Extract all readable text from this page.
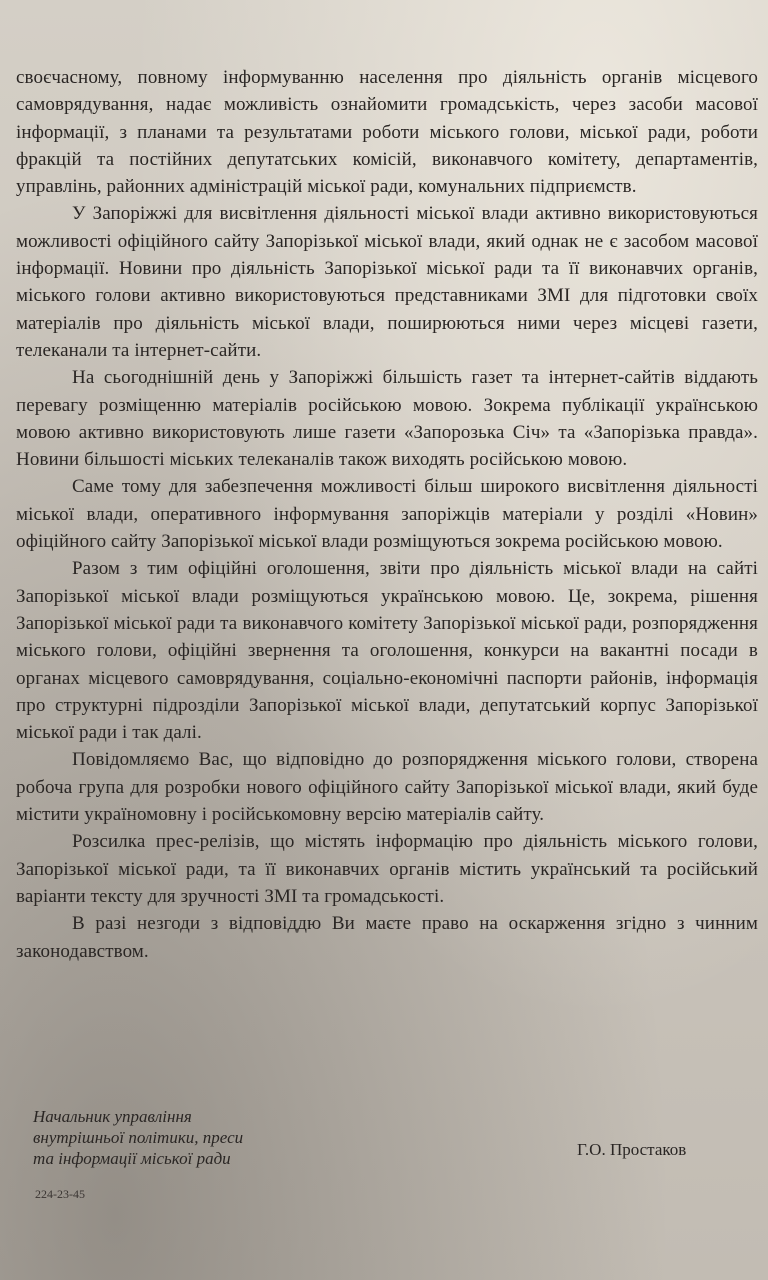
своєчасному, повному інформуванню населення про діяльність органів місцевого самоврядування, надає можливість ознайомити громадськість, через засоби масової інформації, з планами та результатами роботи міського голови, міської ради, роботи фракцій та постійних депутатських комісій, виконавчого комітету, департаментів, управлінь, районних адміністрацій міської ради, комунальних підприємств.

У Запоріжжі для висвітлення діяльності міської влади активно використовуються можливості офіційного сайту Запорізької міської влади, який однак не є засобом масової інформації. Новини про діяльність Запорізької міської ради та її виконавчих органів, міського голови активно використовуються представниками ЗМІ для підготовки своїх матеріалів про діяльність міської влади, поширюються ними через місцеві газети, телеканали та інтернет-сайти.

На сьогоднішній день у Запоріжжі більшість газет та інтернет-сайтів віддають перевагу розміщенню матеріалів російською мовою. Зокрема публікації українською мовою активно використовують лише газети «Запорозька Січ» та «Запорізька правда». Новини більшості міських телеканалів також виходять російською мовою.

Саме тому для забезпечення можливості більш широкого висвітлення діяльності міської влади, оперативного інформування запоріжців матеріали у розділі «Новин» офіційного сайту Запорізької міської влади розміщуються зокрема російською мовою.

Разом з тим офіційні оголошення, звіти про діяльність міської влади на сайті Запорізької міської влади розміщуються українською мовою. Це, зокрема, рішення Запорізької міської ради та виконавчого комітету Запорізької міської ради, розпорядження міського голови, офіційні звернення та оголошення, конкурси на вакантні посади в органах місцевого самоврядування, соціально-економічні паспорти районів, інформація про структурні підрозділи Запорізької міської влади, депутатський корпус Запорізької міської ради і так далі.

Повідомляємо Вас, що відповідно до розпорядження міського голови, створена робоча група для розробки нового офіційного сайту Запорізької міської влади, який буде містити україномовну і російськомовну версію матеріалів сайту.

Розсилка прес-релізів, що містять інформацію про діяльність міського голови, Запорізької міської ради, та її виконавчих органів містить український та російський варіанти тексту для зручності ЗМІ та громадськості.

В разі незгоди з відповіддю Ви маєте право на оскарження згідно з чинним законодавством.

Начальник управління
внутрішньої політики, преси
та інформації міської ради	Г.О. Простаков
224-23-45
